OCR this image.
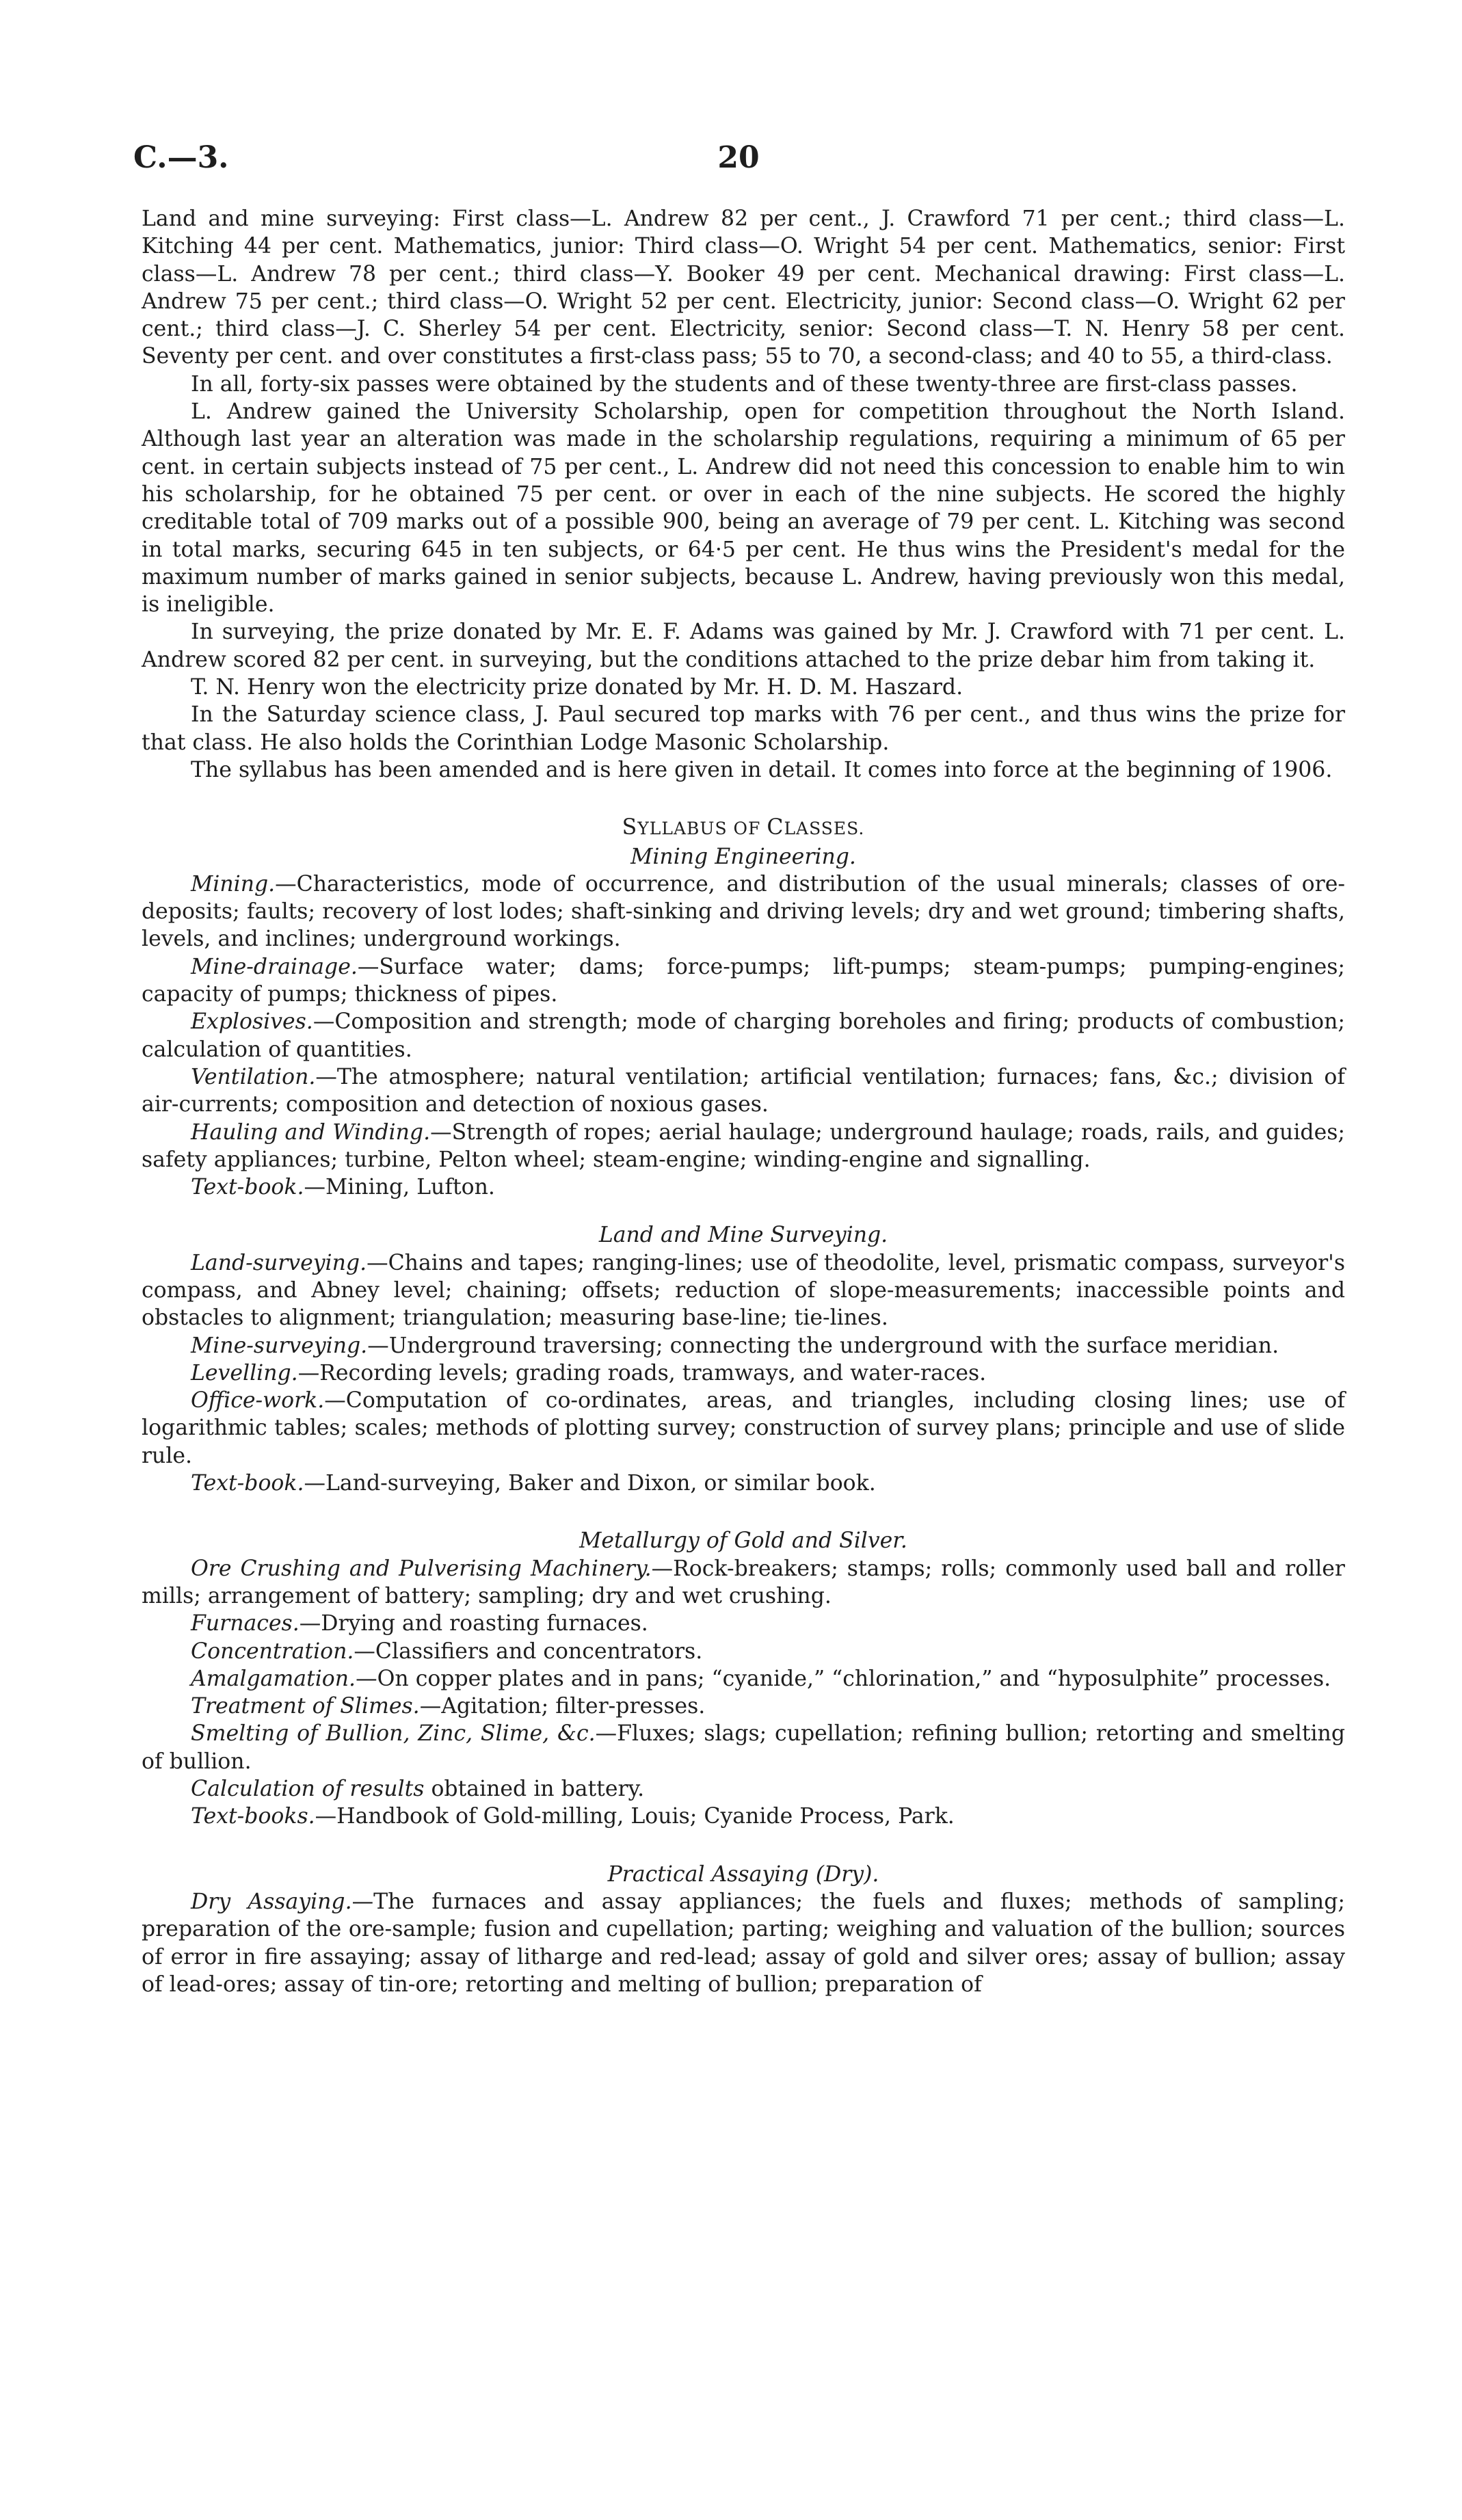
C.—3.	20

Land and mine surveying: First class—L. Andrew 82 per cent., J. Crawford 71 per cent.; third class—L. Kitching 44 per cent. Mathematics, junior: Third class—O. Wright 54 per cent. Mathematics, senior: First class—L. Andrew 78 per cent.; third class—Y. Booker 49 per cent. Mechanical drawing: First class—L. Andrew 75 per cent.; third class—O. Wright 52 per cent. Electricity, junior: Second class—O. Wright 62 per cent.; third class—J. C. Sherley 54 per cent. Electricity, senior: Second class—T. N. Henry 58 per cent. Seventy per cent. and over constitutes a first-class pass; 55 to 70, a second-class; and 40 to 55, a third-class.

In all, forty-six passes were obtained by the students and of these twenty-three are first-class passes.

L. Andrew gained the University Scholarship, open for competition throughout the North Island. Although last year an alteration was made in the scholarship regulations, requiring a minimum of 65 per cent. in certain subjects instead of 75 per cent., L. Andrew did not need this concession to enable him to win his scholarship, for he obtained 75 per cent. or over in each of the nine subjects. He scored the highly creditable total of 709 marks out of a possible 900, being an average of 79 per cent. L. Kitching was second in total marks, securing 645 in ten subjects, or 64·5 per cent. He thus wins the President's medal for the maximum number of marks gained in senior subjects, because L. Andrew, having previously won this medal, is ineligible.

In surveying, the prize donated by Mr. E. F. Adams was gained by Mr. J. Crawford with 71 per cent. L. Andrew scored 82 per cent. in surveying, but the conditions attached to the prize debar him from taking it.

T. N. Henry won the electricity prize donated by Mr. H. D. M. Haszard.

In the Saturday science class, J. Paul secured top marks with 76 per cent., and thus wins the prize for that class. He also holds the Corinthian Lodge Masonic Scholarship.

The syllabus has been amended and is here given in detail. It comes into force at the beginning of 1906.

SYLLABUS OF CLASSES.

Mining Engineering.

Mining.—Characteristics, mode of occurrence, and distribution of the usual minerals; classes of ore-deposits; faults; recovery of lost lodes; shaft-sinking and driving levels; dry and wet ground; timbering shafts, levels, and inclines; underground workings.

Mine-drainage.—Surface water; dams; force-pumps; lift-pumps; steam-pumps; pumping-engines; capacity of pumps; thickness of pipes.

Explosives.—Composition and strength; mode of charging boreholes and firing; products of combustion; calculation of quantities.

Ventilation.—The atmosphere; natural ventilation; artificial ventilation; furnaces; fans, &c.; division of air-currents; composition and detection of noxious gases.

Hauling and Winding.—Strength of ropes; aerial haulage; underground haulage; roads, rails, and guides; safety appliances; turbine, Pelton wheel; steam-engine; winding-engine and signalling.

Text-book.—Mining, Lufton.

Land and Mine Surveying.

Land-surveying.—Chains and tapes; ranging-lines; use of theodolite, level, prismatic compass, surveyor's compass, and Abney level; chaining; offsets; reduction of slope-measurements; inaccessible points and obstacles to alignment; triangulation; measuring base-line; tie-lines.

Mine-surveying.—Underground traversing; connecting the underground with the surface meridian.

Levelling.—Recording levels; grading roads, tramways, and water-races.

Office-work.—Computation of co-ordinates, areas, and triangles, including closing lines; use of logarithmic tables; scales; methods of plotting survey; construction of survey plans; principle and use of slide rule.

Text-book.—Land-surveying, Baker and Dixon, or similar book.

Metallurgy of Gold and Silver.

Ore Crushing and Pulverising Machinery.—Rock-breakers; stamps; rolls; commonly used ball and roller mills; arrangement of battery; sampling; dry and wet crushing.

Furnaces.—Drying and roasting furnaces.

Concentration.—Classifiers and concentrators.

Amalgamation.—On copper plates and in pans; “cyanide,” “chlorination,” and “hyposulphite” processes.

Treatment of Slimes.—Agitation; filter-presses.

Smelting of Bullion, Zinc, Slime, &c.—Fluxes; slags; cupellation; refining bullion; retorting and smelting of bullion.

Calculation of results obtained in battery.

Text-books.—Handbook of Gold-milling, Louis; Cyanide Process, Park.

Practical Assaying (Dry).

Dry Assaying.—The furnaces and assay appliances; the fuels and fluxes; methods of sampling; preparation of the ore-sample; fusion and cupellation; parting; weighing and valuation of the bullion; sources of error in fire assaying; assay of litharge and red-lead; assay of gold and silver ores; assay of bullion; assay of lead-ores; assay of tin-ore; retorting and melting of bullion; preparation of
